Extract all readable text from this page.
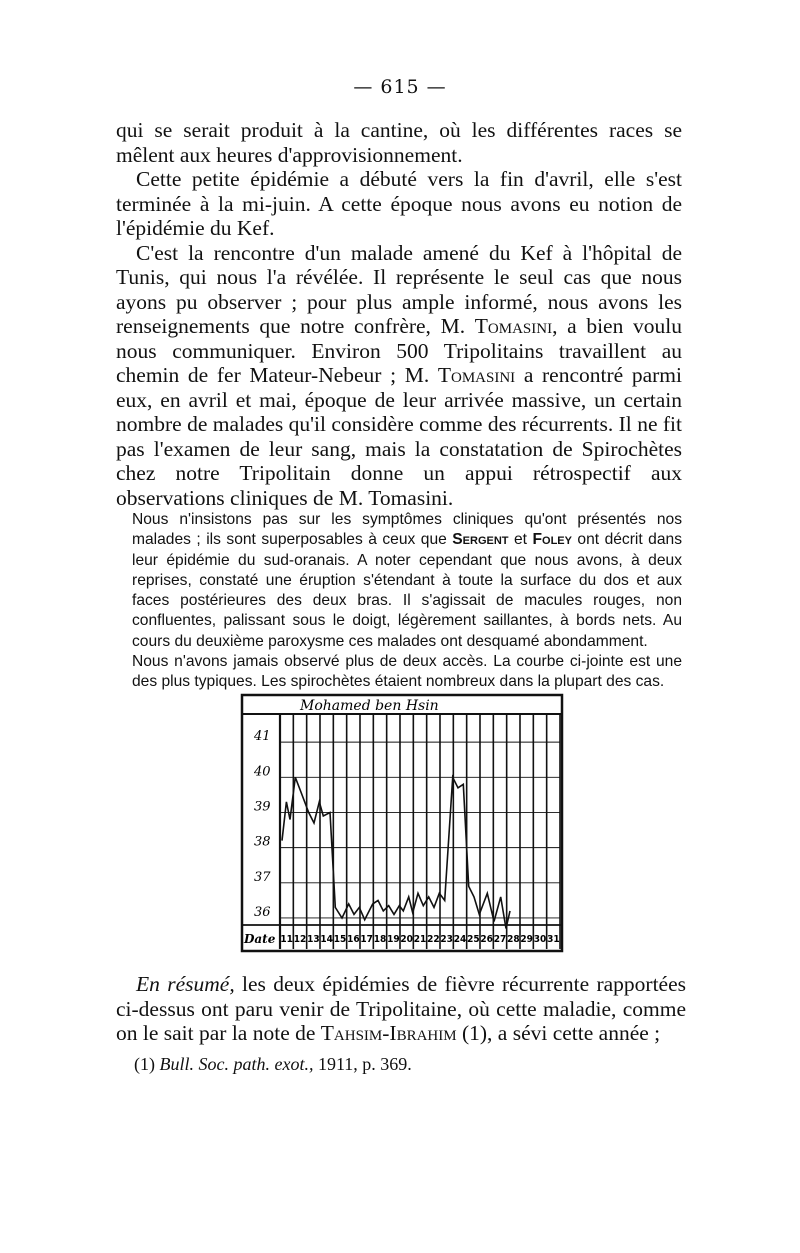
— 615 —

qui se serait produit à la cantine, où les différentes races se mêlent aux heures d'approvisionnement.

Cette petite épidémie a débuté vers la fin d'avril, elle s'est terminée à la mi-juin. A cette époque nous avons eu notion de l'épidémie du Kef.

C'est la rencontre d'un malade amené du Kef à l'hôpital de Tunis, qui nous l'a révélée. Il représente le seul cas que nous ayons pu observer ; pour plus ample informé, nous avons les renseignements que notre confrère, M. Tomasini, a bien voulu nous communiquer. Environ 500 Tripolitains travaillent au chemin de fer Mateur-Nebeur ; M. Tomasini a rencontré parmi eux, en avril et mai, époque de leur arrivée massive, un certain nombre de malades qu'il considère comme des récurrents. Il ne fit pas l'examen de leur sang, mais la constatation de Spirochètes chez notre Tripolitain donne un appui rétrospectif aux observations cliniques de M. Tomasini.

Nous n'insistons pas sur les symptômes cliniques qu'ont présentés nos malades ; ils sont superposables à ceux que Sergent et Foley ont décrit dans leur épidémie du sud-oranais. A noter cependant que nous avons, à deux reprises, constaté une éruption s'étendant à toute la surface du dos et aux faces postérieures des deux bras. Il s'agissait de macules rouges, non confluentes, palissant sous le doigt, légèrement saillantes, à bords nets. Au cours du deuxième paroxysme ces malades ont desquamé abondamment.

Nous n'avons jamais observé plus de deux accès. La courbe ci-jointe est une des plus typiques. Les spirochètes étaient nombreux dans la plupart des cas.

Mohamed ben Hsin
41
40
39
38
37
36
Date 11 12 13 14 15 16 17 18 19 20 21 22 23 24 25 26 27 28 29 30 31

En résumé, les deux épidémies de fièvre récurrente rapportées ci-dessus ont paru venir de Tripolitaine, où cette maladie, comme on le sait par la note de Tahsim-Ibrahim (1), a sévi cette année ;

(1) Bull. Soc. path. exot., 1911, p. 369.
